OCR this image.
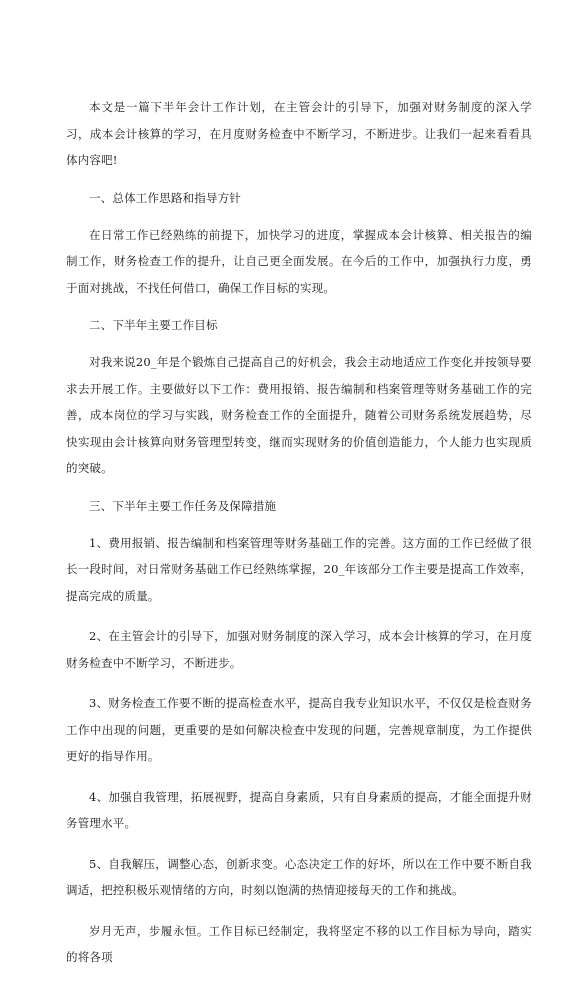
本文是一篇下半年会计工作计划，在主管会计的引导下，加强对财务制度的深入学习，成本会计核算的学习，在月度财务检查中不断学习，不断进步。让我们一起来看看具体内容吧!

一、总体工作思路和指导方针

在日常工作已经熟练的前提下，加快学习的进度，掌握成本会计核算、相关报告的编制工作，财务检查工作的提升，让自己更全面发展。在今后的工作中，加强执行力度，勇于面对挑战，不找任何借口，确保工作目标的实现。

二、下半年主要工作目标

对我来说20_年是个锻炼自己提高自己的好机会，我会主动地适应工作变化并按领导要求去开展工作。主要做好以下工作：费用报销、报告编制和档案管理等财务基础工作的完善，成本岗位的学习与实践，财务检查工作的全面提升，随着公司财务系统发展趋势，尽快实现由会计核算向财务管理型转变，继而实现财务的价值创造能力，个人能力也实现质的突破。

三、下半年主要工作任务及保障措施

1、费用报销、报告编制和档案管理等财务基础工作的完善。这方面的工作已经做了很长一段时间，对日常财务基础工作已经熟练掌握，20_年该部分工作主要是提高工作效率，提高完成的质量。

2、在主管会计的引导下，加强对财务制度的深入学习，成本会计核算的学习，在月度财务检查中不断学习，不断进步。

3、财务检查工作要不断的提高检查水平，提高自我专业知识水平，不仅仅是检查财务工作中出现的问题，更重要的是如何解决检查中发现的问题，完善规章制度，为工作提供更好的指导作用。

4、加强自我管理，拓展视野，提高自身素质，只有自身素质的提高，才能全面提升财务管理水平。

5、自我解压，调整心态，创新求变。心态决定工作的好坏，所以在工作中要不断自我调适，把控积极乐观情绪的方向，时刻以饱满的热情迎接每天的工作和挑战。

岁月无声，步履永恒。工作目标已经制定，我将坚定不移的以工作目标为导向，踏实的将各项
